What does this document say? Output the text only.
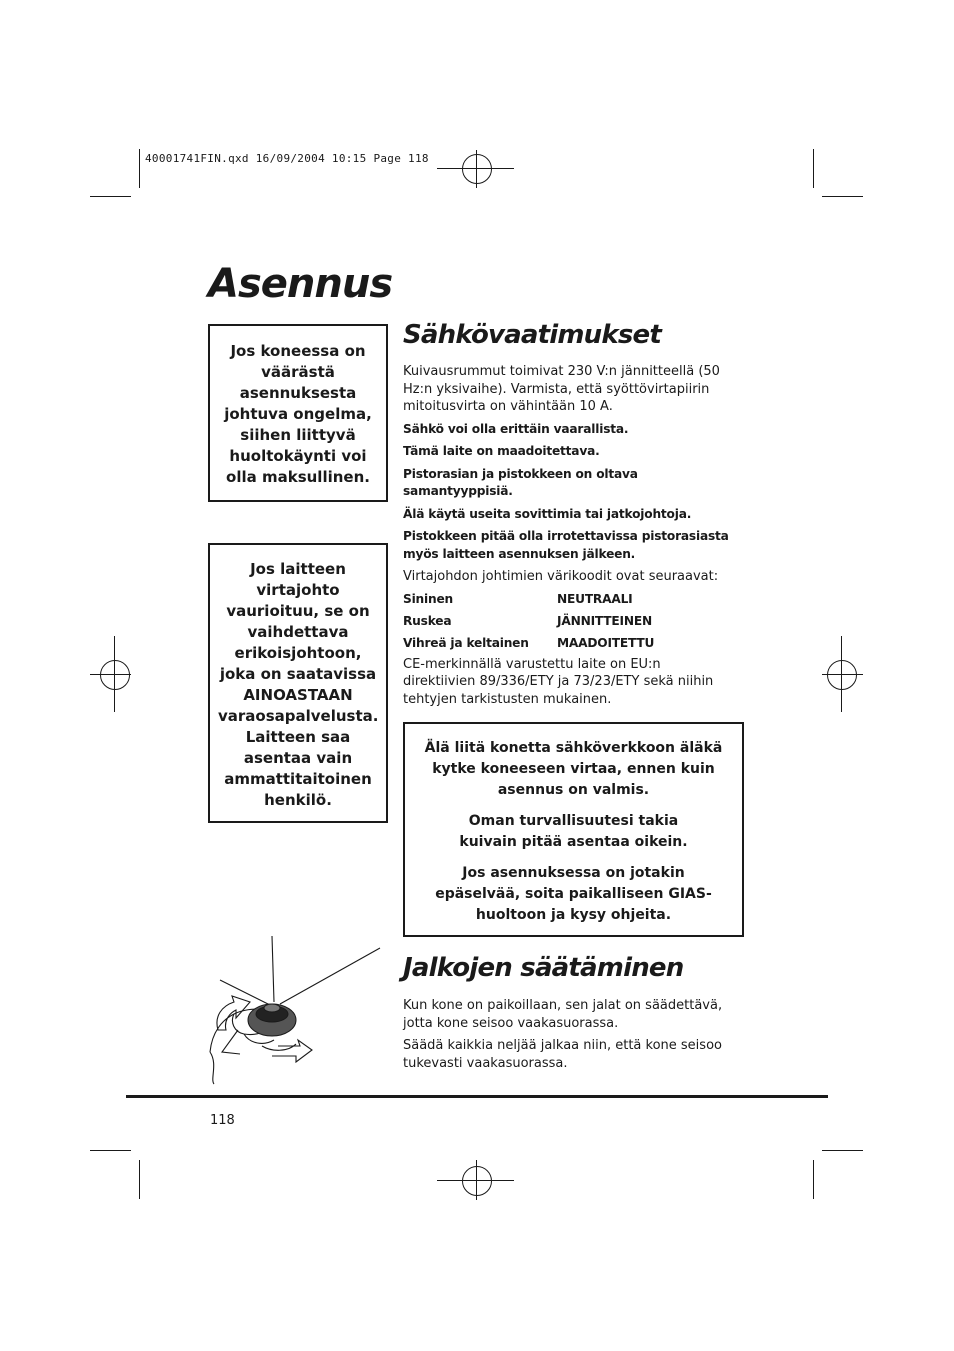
40001741FIN.qxd 16/09/2004 10:15 Page 118
Asennus

Jos koneessa on väärästä asennuksesta johtuva ongelma, siihen liittyvä huoltokäynti voi olla maksullinen.

Jos laitteen virtajohto vaurioituu, se on vaihdettava erikoisjohtoon, joka on saatavissa AINOASTAAN varaosapalvelusta. Laitteen saa asentaa vain ammattitaitoinen henkilö.

Sähkövaatimukset

Kuivausrummut toimivat 230 V:n jännitteellä (50 Hz:n yksivaihe). Varmista, että syöttövirtapiirin mitoitusvirta on vähintään 10 A.

Sähkö voi olla erittäin vaarallista.

Tämä laite on maadoitettava.

Pistorasian ja pistokkeen on oltava samantyyppisiä.

Älä käytä useita sovittimia tai jatkojohtoja.

Pistokkeen pitää olla irrotettavissa pistorasiasta myös laitteen asennuksen jälkeen.

Virtajohdon johtimien värikoodit ovat seuraavat:

Sininen	NEUTRAALI
Ruskea	JÄNNITTEINEN
Vihreä ja keltainen	MAADOITETTU

CE-merkinnällä varustettu laite on EU:n direktiivien 89/336/ETY ja 73/23/ETY sekä niihin tehtyjen tarkistusten mukainen.

Älä liitä konetta sähköverkkoon äläkä kytke koneeseen virtaa, ennen kuin asennus on valmis.

Oman turvallisuutesi takia kuivain pitää asentaa oikein.

Jos asennuksessa on jotakin epäselvää, soita paikalliseen GIAS-huoltoon ja kysy ohjeita.

Jalkojen säätäminen

Kun kone on paikoillaan, sen jalat on säädettävä, jotta kone seisoo vaakasuorassa.

Säädä kaikkia neljää jalkaa niin, että kone seisoo tukevasti vaakasuorassa.

118
